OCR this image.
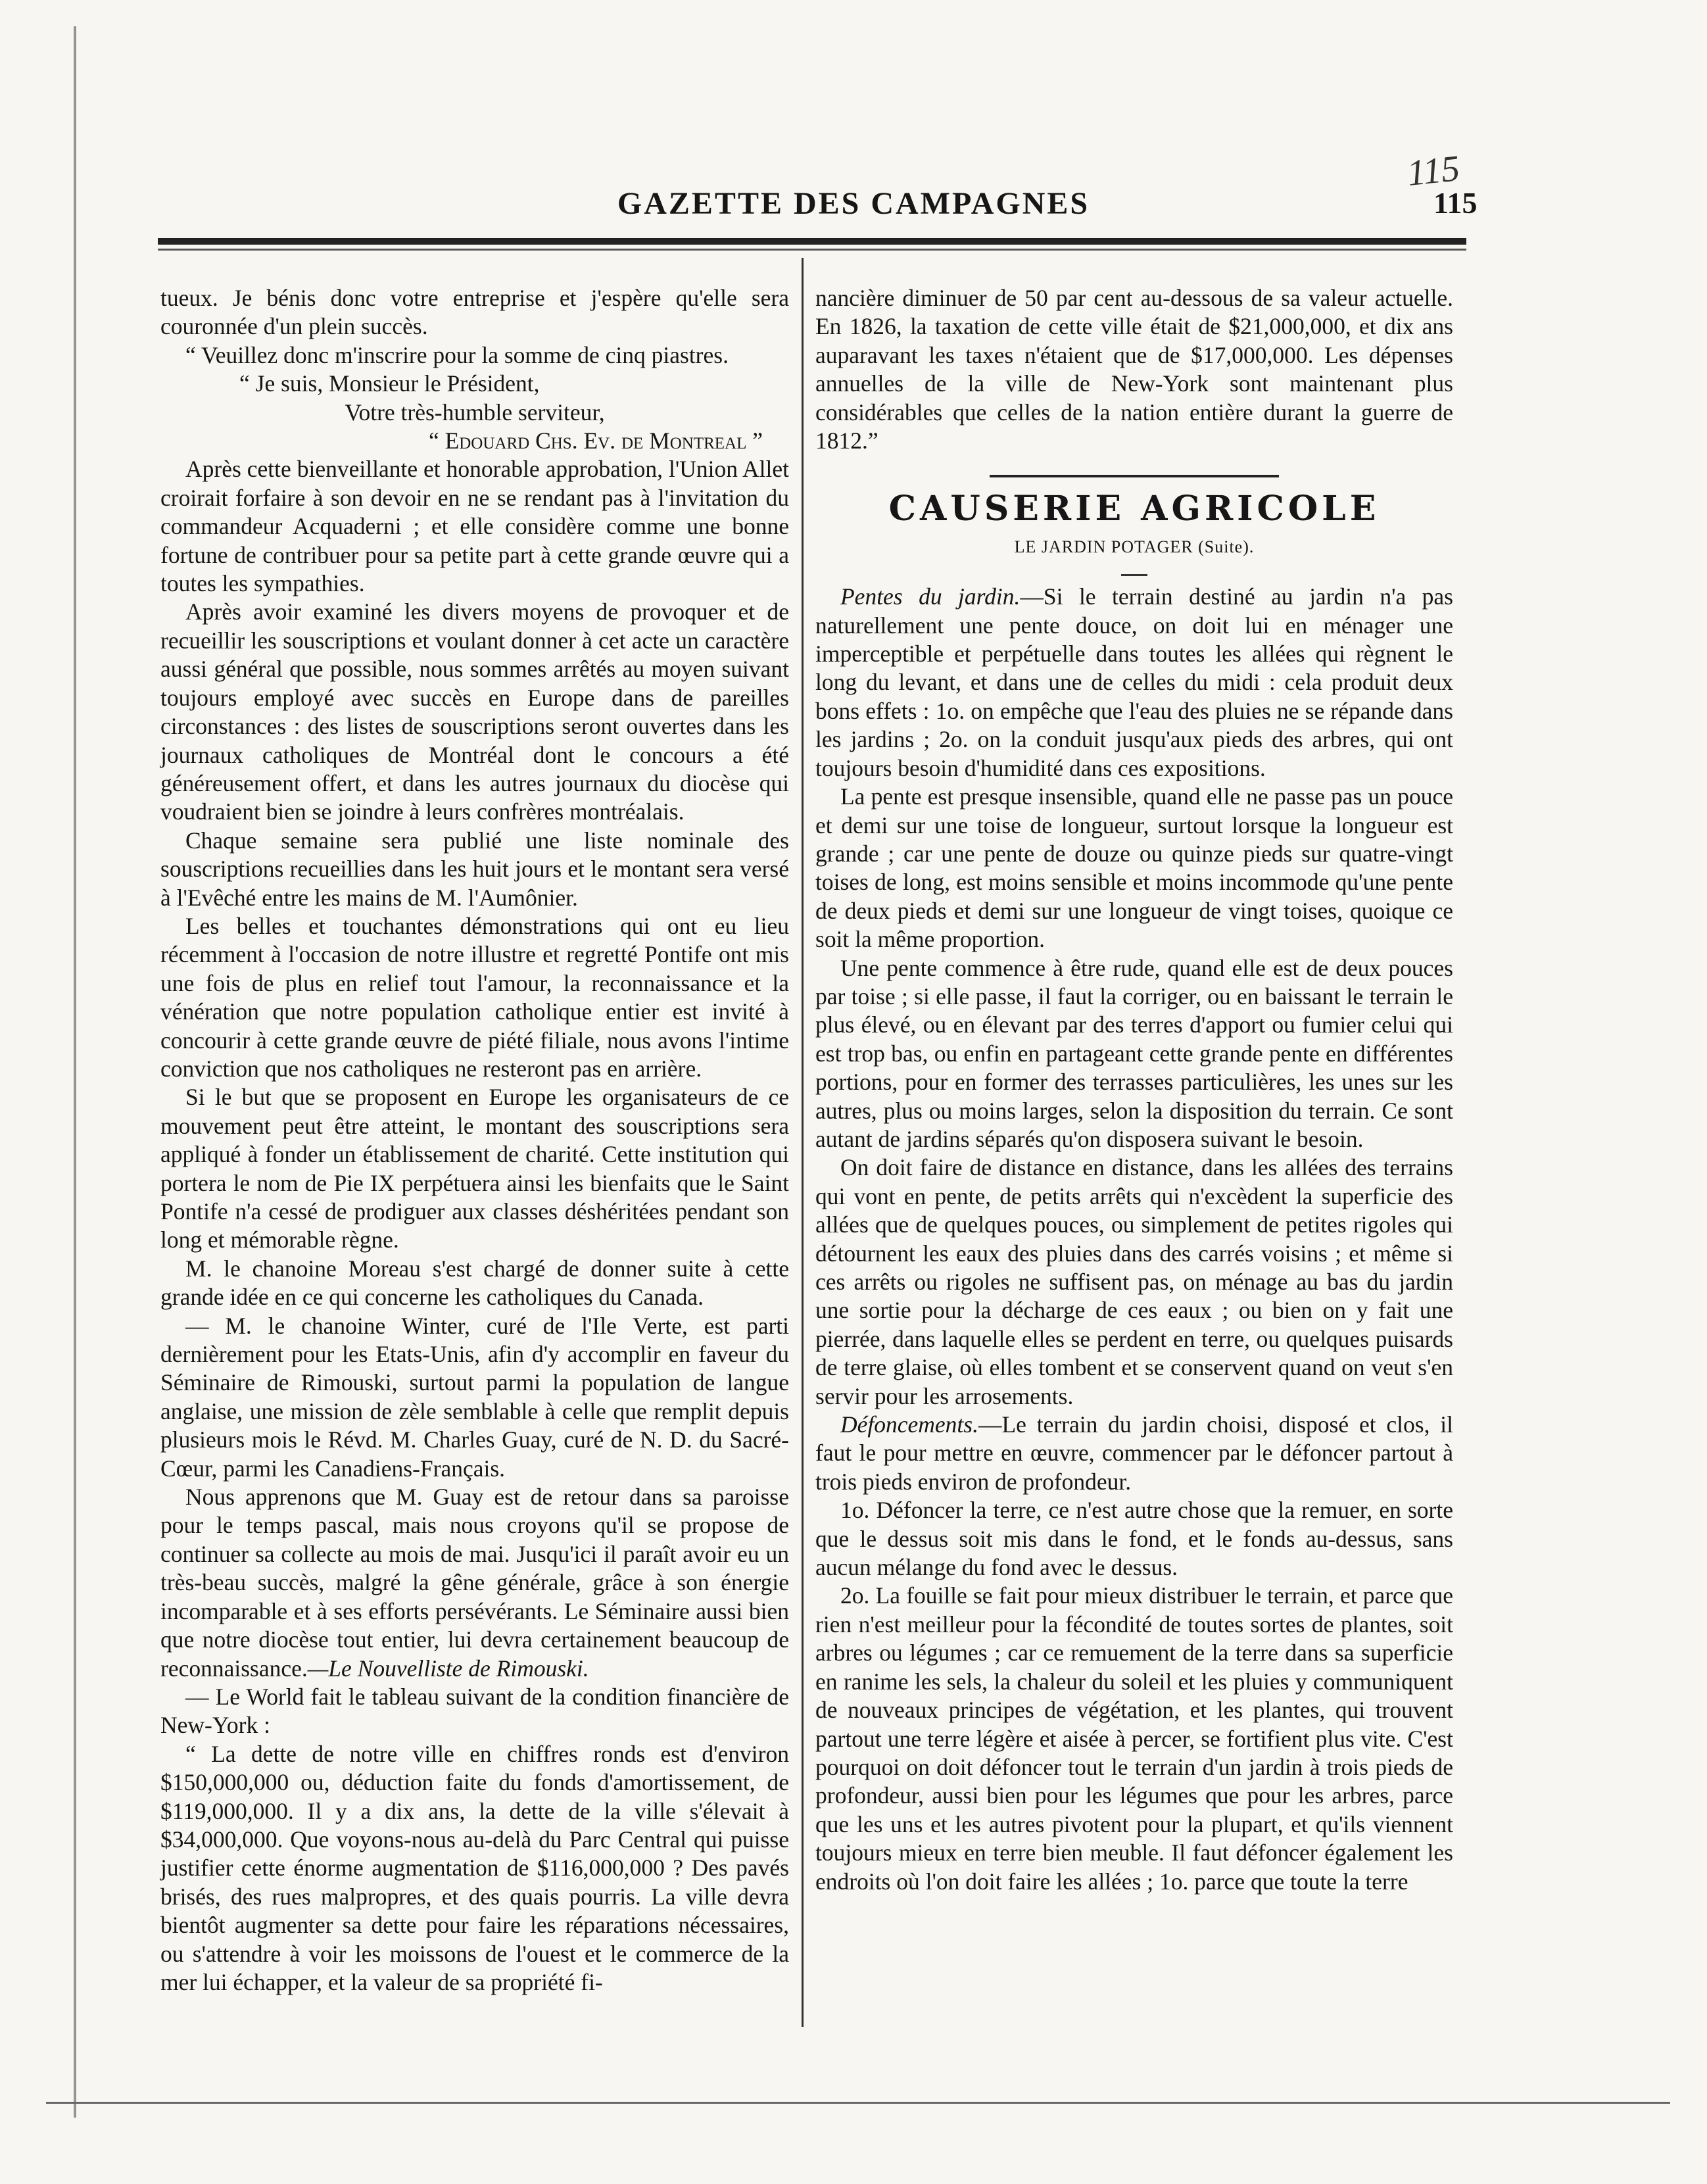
115
GAZETTE DES CAMPAGNES	115

tueux. Je bénis donc votre entreprise et j'espère qu'elle sera couronnée d'un plein succès.

“ Veuillez donc m'inscrire pour la somme de cinq piastres.

“ Je suis, Monsieur le Président,

Votre très-humble serviteur,

“ Edouard Chs. Ev. de Montreal ”

Après cette bienveillante et honorable approbation, l'Union Allet croirait forfaire à son devoir en ne se rendant pas à l'invitation du commandeur Acquaderni ; et elle considère comme une bonne fortune de contribuer pour sa petite part à cette grande œuvre qui a toutes les sympathies.

Après avoir examiné les divers moyens de provoquer et de recueillir les souscriptions et voulant donner à cet acte un caractère aussi général que possible, nous sommes arrêtés au moyen suivant toujours employé avec succès en Europe dans de pareilles circonstances : des listes de souscriptions seront ouvertes dans les journaux catholiques de Montréal dont le concours a été généreusement offert, et dans les autres journaux du diocèse qui voudraient bien se joindre à leurs confrères montréalais.

Chaque semaine sera publié une liste nominale des souscriptions recueillies dans les huit jours et le montant sera versé à l'Evêché entre les mains de M. l'Aumônier.

Les belles et touchantes démonstrations qui ont eu lieu récemment à l'occasion de notre illustre et regretté Pontife ont mis une fois de plus en relief tout l'amour, la reconnaissance et la vénération que notre population catholique entier est invité à concourir à cette grande œuvre de piété filiale, nous avons l'intime conviction que nos catholiques ne resteront pas en arrière.

Si le but que se proposent en Europe les organisateurs de ce mouvement peut être atteint, le montant des souscriptions sera appliqué à fonder un établissement de charité. Cette institution qui portera le nom de Pie IX perpétuera ainsi les bienfaits que le Saint Pontife n'a cessé de prodiguer aux classes déshéritées pendant son long et mémorable règne.

M. le chanoine Moreau s'est chargé de donner suite à cette grande idée en ce qui concerne les catholiques du Canada.

— M. le chanoine Winter, curé de l'Ile Verte, est parti dernièrement pour les Etats-Unis, afin d'y accomplir en faveur du Séminaire de Rimouski, surtout parmi la population de langue anglaise, une mission de zèle semblable à celle que remplit depuis plusieurs mois le Révd. M. Charles Guay, curé de N. D. du Sacré-Cœur, parmi les Canadiens-Français.

Nous apprenons que M. Guay est de retour dans sa paroisse pour le temps pascal, mais nous croyons qu'il se propose de continuer sa collecte au mois de mai. Jusqu'ici il paraît avoir eu un très-beau succès, malgré la gêne générale, grâce à son énergie incomparable et à ses efforts persévérants. Le Séminaire aussi bien que notre diocèse tout entier, lui devra certainement beaucoup de reconnaissance.—Le Nouvelliste de Rimouski.

— Le World fait le tableau suivant de la condition financière de New-York :

“ La dette de notre ville en chiffres ronds est d'environ $150,000,000 ou, déduction faite du fonds d'amortissement, de $119,000,000. Il y a dix ans, la dette de la ville s'élevait à $34,000,000. Que voyons-nous au-delà du Parc Central qui puisse justifier cette énorme augmentation de $116,000,000 ? Des pavés brisés, des rues malpropres, et des quais pourris. La ville devra bientôt augmenter sa dette pour faire les réparations nécessaires, ou s'attendre à voir les moissons de l'ouest et le commerce de la mer lui échapper, et la valeur de sa propriété fi-

nancière diminuer de 50 par cent au-dessous de sa valeur actuelle. En 1826, la taxation de cette ville était de $21,000,000, et dix ans auparavant les taxes n'étaient que de $17,000,000. Les dépenses annuelles de la ville de New-York sont maintenant plus considérables que celles de la nation entière durant la guerre de 1812.”

CAUSERIE AGRICOLE
LE JARDIN POTAGER (Suite).

Pentes du jardin.—Si le terrain destiné au jardin n'a pas naturellement une pente douce, on doit lui en ménager une imperceptible et perpétuelle dans toutes les allées qui règnent le long du levant, et dans une de celles du midi : cela produit deux bons effets : 1o. on empêche que l'eau des pluies ne se répande dans les jardins ; 2o. on la conduit jusqu'aux pieds des arbres, qui ont toujours besoin d'humidité dans ces expositions.

La pente est presque insensible, quand elle ne passe pas un pouce et demi sur une toise de longueur, surtout lorsque la longueur est grande ; car une pente de douze ou quinze pieds sur quatre-vingt toises de long, est moins sensible et moins incommode qu'une pente de deux pieds et demi sur une longueur de vingt toises, quoique ce soit la même proportion.

Une pente commence à être rude, quand elle est de deux pouces par toise ; si elle passe, il faut la corriger, ou en baissant le terrain le plus élevé, ou en élevant par des terres d'apport ou fumier celui qui est trop bas, ou enfin en partageant cette grande pente en différentes portions, pour en former des terrasses particulières, les unes sur les autres, plus ou moins larges, selon la disposition du terrain. Ce sont autant de jardins séparés qu'on disposera suivant le besoin.

On doit faire de distance en distance, dans les allées des terrains qui vont en pente, de petits arrêts qui n'excèdent la superficie des allées que de quelques pouces, ou simplement de petites rigoles qui détournent les eaux des pluies dans des carrés voisins ; et même si ces arrêts ou rigoles ne suffisent pas, on ménage au bas du jardin une sortie pour la décharge de ces eaux ; ou bien on y fait une pierrée, dans laquelle elles se perdent en terre, ou quelques puisards de terre glaise, où elles tombent et se conservent quand on veut s'en servir pour les arrosements.

Défoncements.—Le terrain du jardin choisi, disposé et clos, il faut le pour mettre en œuvre, commencer par le défoncer partout à trois pieds environ de profondeur.

1o. Défoncer la terre, ce n'est autre chose que la remuer, en sorte que le dessus soit mis dans le fond, et le fonds au-dessus, sans aucun mélange du fond avec le dessus.

2o. La fouille se fait pour mieux distribuer le terrain, et parce que rien n'est meilleur pour la fécondité de toutes sortes de plantes, soit arbres ou légumes ; car ce remuement de la terre dans sa superficie en ranime les sels, la chaleur du soleil et les pluies y communiquent de nouveaux principes de végétation, et les plantes, qui trouvent partout une terre légère et aisée à percer, se fortifient plus vite. C'est pourquoi on doit défoncer tout le terrain d'un jardin à trois pieds de profondeur, aussi bien pour les légumes que pour les arbres, parce que les uns et les autres pivotent pour la plupart, et qu'ils viennent toujours mieux en terre bien meuble. Il faut défoncer également les endroits où l'on doit faire les allées ; 1o. parce que toute la terre
